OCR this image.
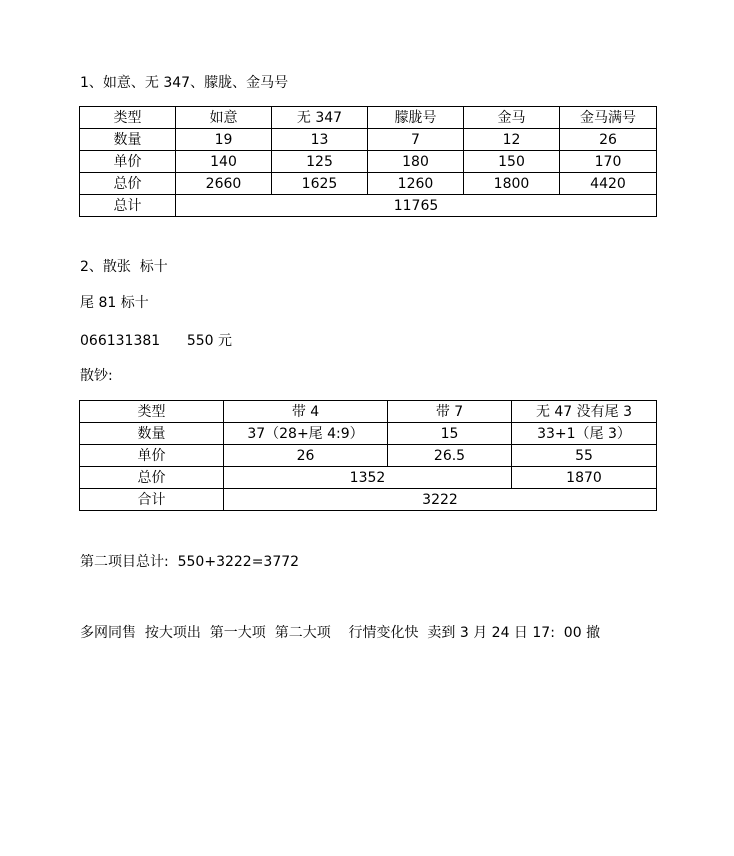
1、如意、无 347、朦胧、金马号
类型	如意	无 347	朦胧号	金马	金马满号
数量	19	13	7	12	26
单价	140	125	180	150	170
总价	2660	1625	1260	1800	4420
总计	11765				
2、散张  标十
尾 81 标十
066131381      550 元
散钞:
类型	带 4	带 7	无 47 没有尾 3
数量	37（28+尾 4:9）	15	33+1（尾 3）
单价	26	26.5	55
总价	1352		1870
合计	3222		
第二项目总计:  550+3222=3772
多网同售  按大项出  第一大项  第二大项    行情变化快  卖到 3 月 24 日 17:  00 撤
